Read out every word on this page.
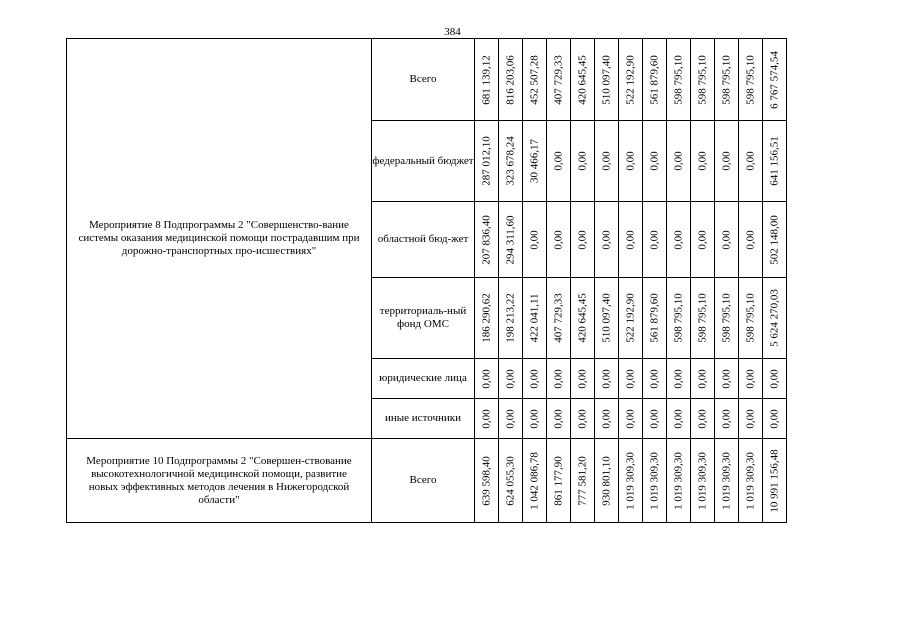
384
Мероприятие 8 Подпрограммы 2 "Совершенство-вание системы оказания медицинской помощи пострадавшим при дорожно-транспортных про-исшествиях"	Всего	681 139,12	816 203,06	452 507,28	407 729,33	420 645,45	510 097,40	522 192,90	561 879,60	598 795,10	598 795,10	598 795,10	598 795,10	6 767 574,54

	федеральный бюджет	287 012,10	323 678,24	30 466,17	0,00	0,00	0,00	0,00	0,00	0,00	0,00	0,00	0,00	641 156,51

	областной бюд-жет	207 836,40	294 311,60	0,00	0,00	0,00	0,00	0,00	0,00	0,00	0,00	0,00	0,00	502 148,00

	территориаль-ный фонд ОМС	186 290,62	198 213,22	422 041,11	407 729,33	420 645,45	510 097,40	522 192,90	561 879,60	598 795,10	598 795,10	598 795,10	598 795,10	5 624 270,03

	юридические лица	0,00	0,00	0,00	0,00	0,00	0,00	0,00	0,00	0,00	0,00	0,00	0,00	0,00

	иные источники	0,00	0,00	0,00	0,00	0,00	0,00	0,00	0,00	0,00	0,00	0,00	0,00	0,00

Мероприятие 10 Подпрограммы 2 "Совершен-ствование высокотехнологичной медицинской помощи, развитие новых эффективных методов лечения в Нижегородской области"	Всего	639 598,40	624 055,30	1 042 086,78	861 177,90	777 581,20	930 801,10	1 019 309,30	1 019 309,30	1 019 309,30	1 019 309,30	1 019 309,30	1 019 309,30	10 991 156,48
